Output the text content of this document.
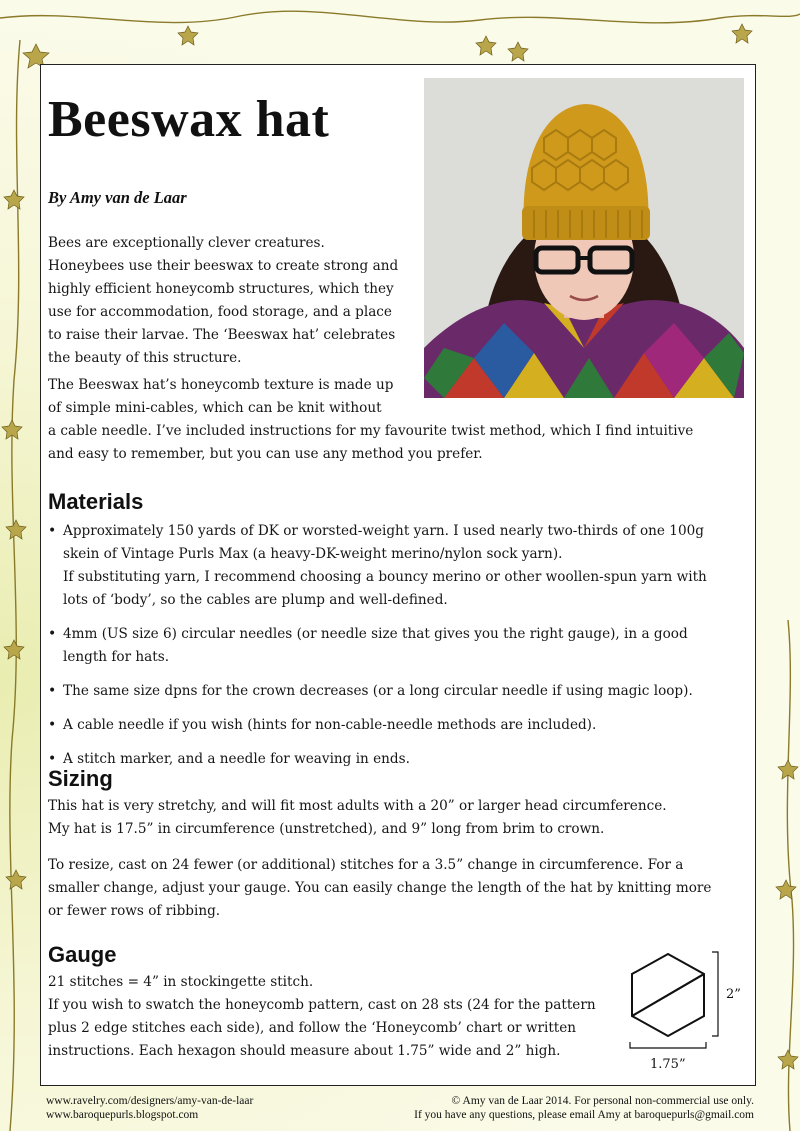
Beeswax hat

By Amy van de Laar

Bees are exceptionally clever creatures.
Honeybees use their beeswax to create strong and
highly efficient honeycomb structures, which they
use for accommodation, food storage, and a place
to raise their larvae. The ‘Beeswax hat’ celebrates
the beauty of this structure.

The Beeswax hat’s honeycomb texture is made up
of simple mini-cables, which can be knit without
a cable needle. I’ve included instructions for my favourite twist method, which I find intuitive
and easy to remember, but you can use any method you prefer.

Materials
• Approximately 150 yards of DK or worsted-weight yarn. I used nearly two-thirds of one 100g
skein of Vintage Purls Max (a heavy-DK-weight merino/nylon sock yarn).
If substituting yarn, I recommend choosing a bouncy merino or other woollen-spun yarn with
lots of ‘body’, so the cables are plump and well-defined.
• 4mm (US size 6) circular needles (or needle size that gives you the right gauge), in a good
length for hats.
• The same size dpns for the crown decreases (or a long circular needle if using magic loop).
• A cable needle if you wish (hints for non-cable-needle methods are included).
• A stitch marker, and a needle for weaving in ends.
Sizing

This hat is very stretchy, and will fit most adults with a 20” or larger head circumference.
My hat is 17.5” in circumference (unstretched), and 9” long from brim to crown.

To resize, cast on 24 fewer (or additional) stitches for a 3.5” change in circumference. For a
smaller change, adjust your gauge. You can easily change the length of the hat by knitting more
or fewer rows of ribbing.

Gauge

21 stitches = 4” in stockingette stitch.
If you wish to swatch the honeycomb pattern, cast on 28 sts (24 for the pattern
plus 2 edge stitches each side), and follow the ‘Honeycomb’ chart or written
instructions. Each hexagon should measure about 1.75” wide and 2” high.

2”
1.75”
www.ravelry.com/designers/amy-van-de-laar
www.baroquepurls.blogspot.com
© Amy van de Laar 2014. For personal non-commercial use only.
If you have any questions, please email Amy at baroquepurls@gmail.com
